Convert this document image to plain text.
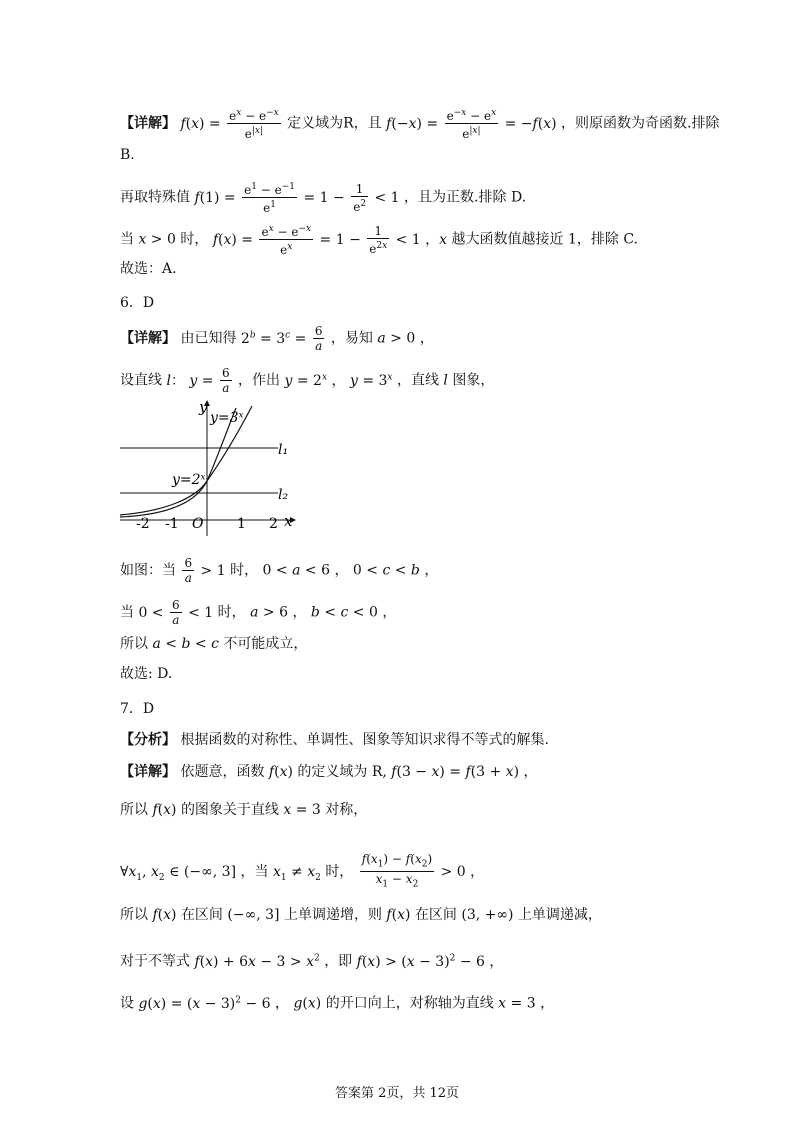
【详解】 $f(x) = \frac{e^x - e^{-x}}{e^{|x|}}$ 定义域为R，且 $f(-x) = \frac{e^{-x} - e^x}{e^{|x|}} = -f(x)$ ，则原函数为奇函数.排除
B.
再取特殊值 $f(1) = \frac{e^1 - e^{-1}}{e^1} = 1 - \frac{1}{e^2} < 1$ ，且为正数.排除 D.
当 x > 0 时， $f(x) = \frac{e^x - e^{-x}}{e^x} = 1 - \frac{1}{e^{2x}} < 1$ ，x 越大函数值越接近 1，排除 C.
故选：A.
6．D
【详解】 由已知得 $2^b = 3^c = \frac{6}{a}$ ，易知 a > 0 ，
设直线 l： $y = \frac{6}{a}$ ，作出 $y = 2^x$ ， $y = 3^x$ ，直线 l 图象，
y
x
O
-2 -1	1 2
l₁
l₂
y=3ˣ
y=2ˣ
如图：当 $\frac{6}{a} > 1$ 时， 0 < a < 6 ， 0 < c < b ，
当 $0 < \frac{6}{a} < 1$ 时， a > 6 ， b < c < 0 ，
所以 a < b < c 不可能成立，
故选: D.
7．D
【分析】 根据函数的对称性、单调性、图象等知识求得不等式的解集.
【详解】 依题意，函数 f(x) 的定义域为 R, f(3 − x) = f(3 + x) ，
所以 f(x) 的图象关于直线 x = 3 对称，
$\forall x_1$, $x_2$ ∈ (−∞, 3] ，当 $x_1 \ne x_2$ 时， $\frac{f(x_1) - f(x_2)}{x_1 - x_2} > 0$ ，
所以 f(x) 在区间 (−∞, 3] 上单调递增，则 f(x) 在区间 (3, +∞) 上单调递减，
对于不等式 $f(x) + 6x - 3 > x^2$ ，即 $f(x) > (x - 3)^2 - 6$ ，
设 $g(x) = (x - 3)^2 - 6$ ， g(x) 的开口向上，对称轴为直线 x = 3 ，
答案第 2页，共 12页
